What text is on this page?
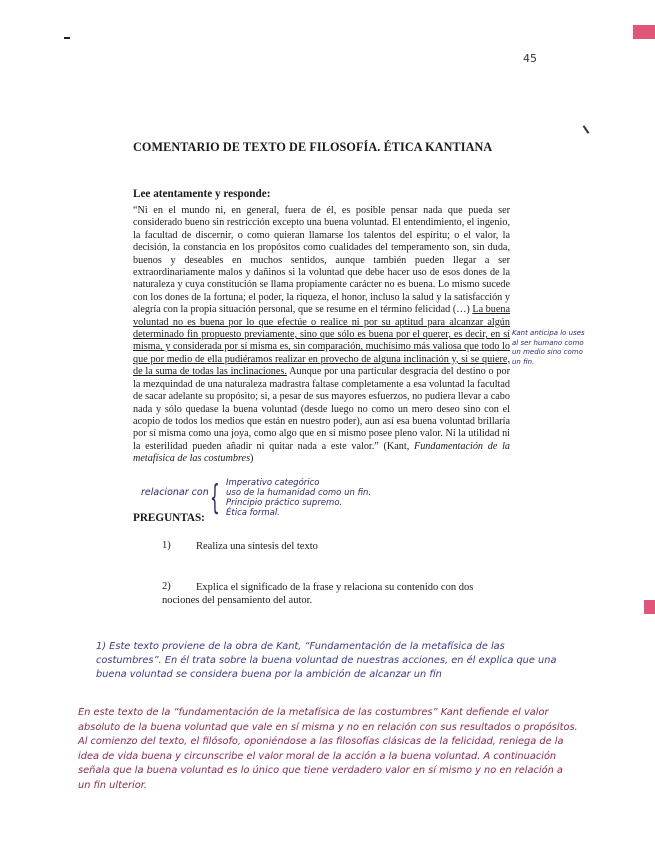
45
COMENTARIO DE TEXTO DE FILOSOFÍA. ÉTICA KANTIANA
Lee atentamente y responde:

“Ni en el mundo ni, en general, fuera de él, es posible pensar nada que pueda ser considerado bueno sin restricción excepto una buena voluntad. El entendimiento, el ingenio, la facultad de discernir, o como quieran llamarse los talentos del espíritu; o el valor, la decisión, la constancia en los propósitos como cualidades del temperamento son, sin duda, buenos y deseables en muchos sentidos, aunque también pueden llegar a ser extraordinariamente malos y dañinos si la voluntad que debe hacer uso de esos dones de la naturaleza y cuya constitución se llama propiamente carácter no es buena. Lo mismo sucede con los dones de la fortuna; el poder, la riqueza, el honor, incluso la salud y la satisfacción y alegría con la propia situación personal, que se resume en el término felicidad (…) La buena voluntad no es buena por lo que efectúe o realice ni por su aptitud para alcanzar algún determinado fin propuesto previamente, sino que sólo es buena por el querer, es decir, en sí misma, y considerada por sí misma es, sin comparación, muchísimo más valiosa que todo lo que por medio de ella pudiéramos realizar en provecho de alguna inclinación y, si se quiere, de la suma de todas las inclinaciones. Aunque por una particular desgracia del destino o por la mezquindad de una naturaleza madrastra faltase completamente a esa voluntad la facultad de sacar adelante su propósito; si, a pesar de sus mayores esfuerzos, no pudiera llevar a cabo nada y sólo quedase la buena voluntad (desde luego no como un mero deseo sino con el acopio de todos los medios que están en nuestro poder), aun así esa buena voluntad brillaría por sí misma como una joya, como algo que en sí mismo posee pleno valor. Ni la utilidad ni la esterilidad pueden añadir ni quitar nada a este valor.” (Kant, Fundamentación de la metafísica de las costumbres)

Kant anticipa lo uses al ser humano como un medio sino como un fin.

relacionar con { Imperativo categórico
uso de la humanidad como un fin.
Principio práctico supremo.
Ética formal.
PREGUNTAS:
1) Realiza una síntesis del texto
2)	Explica el significado de la frase y relaciona su contenido con dos nociones del pensamiento del autor.

1) Este texto proviene de la obra de Kant, “Fundamentación de la metafísica de las costumbres”. En él trata sobre la buena voluntad de nuestras acciones, en él explica que una buena voluntad se considera buena por la ambición de alcanzar un fin

En este texto de la “fundamentación de la metafísica de las costumbres” Kant defiende el valor absoluto de la buena voluntad que vale en sí misma y no en relación con sus resultados o propósitos. Al comienzo del texto, el filósofo, oponiéndose a las filosofías clásicas de la felicidad, reniega de la idea de vida buena y circunscribe el valor moral de la acción a la buena voluntad. A continuación señala que la buena voluntad es lo único que tiene verdadero valor en sí mismo y no en relación a un fin ulterior.
